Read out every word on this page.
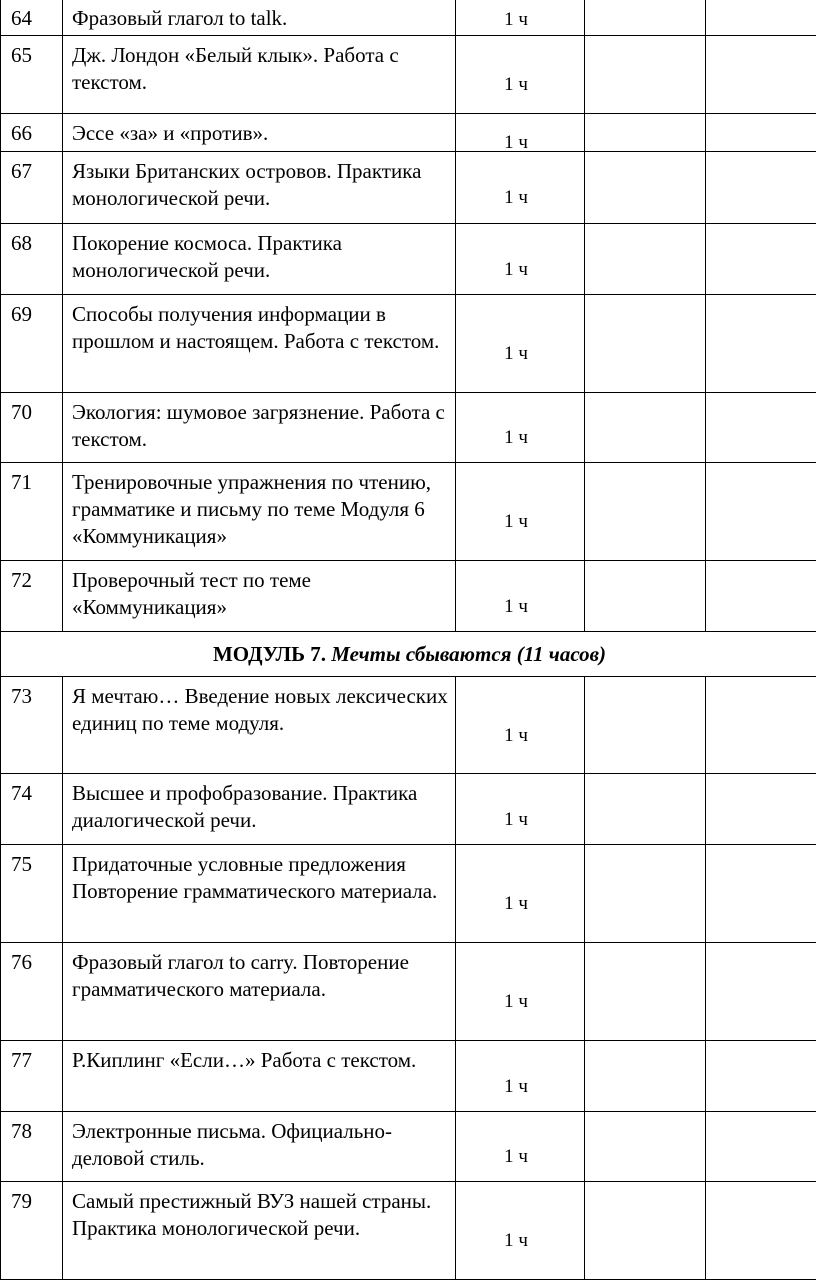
64	Фразовый глагол to talk.	1 ч		
65	Дж. Лондон «Белый клык». Работа с текстом.	1 ч		
66	Эссе «за» и «против».	1 ч		
67	Языки Британских островов. Практика монологической речи.	1 ч		
68	Покорение космоса. Практика монологической речи.	1 ч		
69	Способы получения информации в прошлом и настоящем. Работа с текстом.	1 ч		
70	Экология: шумовое загрязнение. Работа с текстом.	1 ч		
71	Тренировочные упражнения по чтению, грамматике и письму по теме Модуля 6 «Коммуникация»	1 ч		
72	Проверочный тест по теме «Коммуникация»	1 ч		
МОДУЛЬ 7. Мечты сбываются (11 часов)				
73	Я мечтаю… Введение новых лексических единиц по теме модуля.	1 ч		
74	Высшее и профобразование. Практика диалогической речи.	1 ч		
75	Придаточные условные предложения Повторение грамматического материала.	1 ч		
76	Фразовый глагол to carry. Повторение грамматического материала.	1 ч		
77	Р.Киплинг «Если…» Работа с текстом.	1 ч		
78	Электронные письма. Официально-деловой стиль.	1 ч		
79	Самый престижный ВУЗ нашей страны. Практика монологической речи.	1 ч		
